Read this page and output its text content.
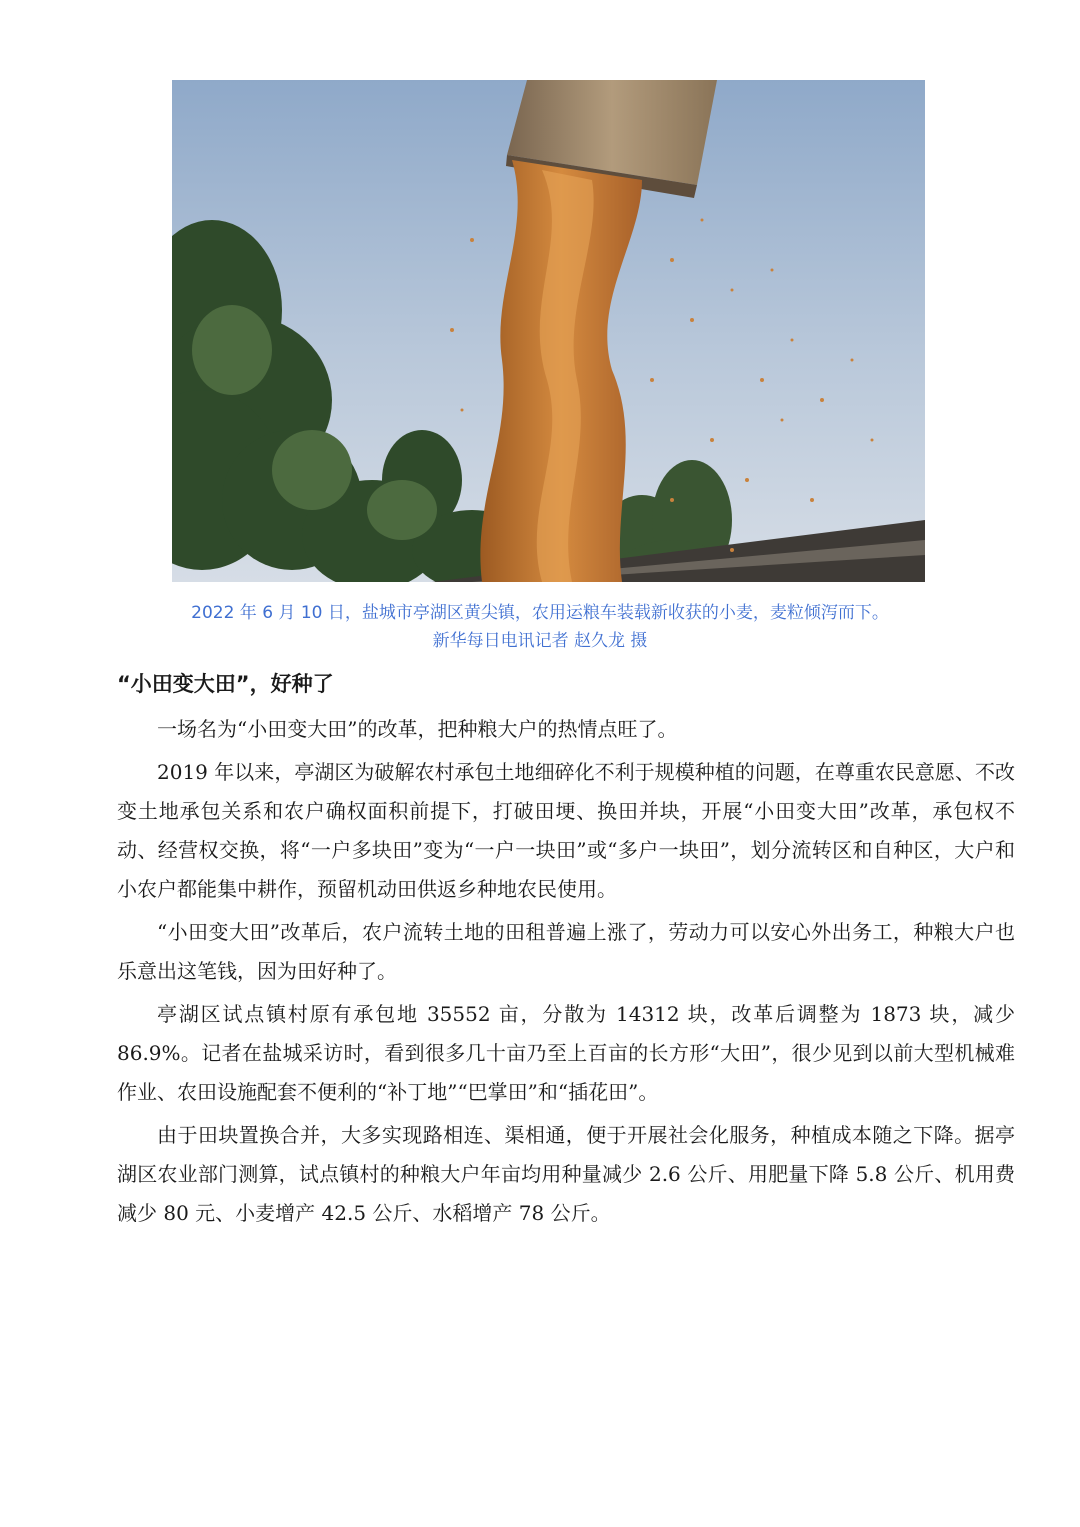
2022 年 6 月 10 日，盐城市亭湖区黄尖镇，农用运粮车装载新收获的小麦，麦粒倾泻而下。
新华每日电讯记者 赵久龙 摄
“小田变大田”，好种了

一场名为“小田变大田”的改革，把种粮大户的热情点旺了。

2019 年以来，亭湖区为破解农村承包土地细碎化不利于规模种植的问题，在尊重农民意愿、不改变土地承包关系和农户确权面积前提下，打破田埂、换田并块，开展“小田变大田”改革，承包权不动、经营权交换，将“一户多块田”变为“一户一块田”或“多户一块田”，划分流转区和自种区，大户和小农户都能集中耕作，预留机动田供返乡种地农民使用。

“小田变大田”改革后，农户流转土地的田租普遍上涨了，劳动力可以安心外出务工，种粮大户也乐意出这笔钱，因为田好种了。

亭湖区试点镇村原有承包地 35552 亩，分散为 14312 块，改革后调整为 1873 块，减少 86.9%。记者在盐城采访时，看到很多几十亩乃至上百亩的长方形“大田”，很少见到以前大型机械难作业、农田设施配套不便利的“补丁地”“巴掌田”和“插花田”。

由于田块置换合并，大多实现路相连、渠相通，便于开展社会化服务，种植成本随之下降。据亭湖区农业部门测算，试点镇村的种粮大户年亩均用种量减少 2.6 公斤、用肥量下降 5.8 公斤、机用费减少 80 元、小麦增产 42.5 公斤、水稻增产 78 公斤。
